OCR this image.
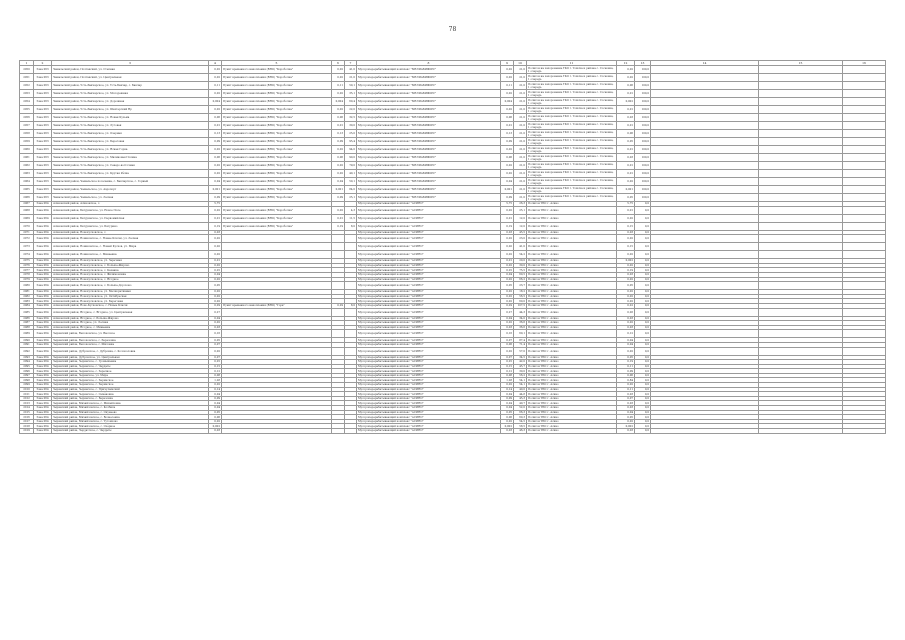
78
1	2	3	4	5	6	7	8	9	10	11	12	13	14	15	16
2050	Зона 063	Чамальский район, Полтавский, ул. Степная	0,02	Пункт временного накопления (ВНО) "Коробочка"	0,02	41,0	Мусороперерабатывающий комплекс "МЕЛИАБИФОРС"	0,02	21,0	Полигон на захоронение ТКО г. Томска и района с. Сосновка, 1 очередь	0,02	100,0			
2051	Зона 063	Чамальский район, Полтавский, ул. Центральная	0,02	Пункт временного накопления (ВНО) "Коробочка"	0,02	21,0	Мусороперерабатывающий комплекс "МЕЛИАБИФОРС"	0,02	21,0	Полигон на захоронение ТКО г. Томска и района с. Сосновка, 1 очередь	0,02	100,0			
2052	Зона 063	Чамальский район, Усть-Бакчарское, ул. Усть-Бакчар, с. Бакчар	0,11	Пункт временного накопления (ВНО) "Коробочка"	0,11	50,1	Мусороперерабатывающий комплекс "МЕЛИАБИФОРС"	0,11	21,0	Полигон на захоронение ТКО г. Томска и района с. Сосновка, 1 очередь	0,06	100,0			
2053	Зона 063	Чамальский район, Усть-Бакчарское, ул. Молодежная	0,02	Пункт временного накопления (ВНО) "Коробочка"	0,02	35,1	Мусороперерабатывающий комплекс "МЕЛИАБИФОРС"	0,02	21,0	Полигон на захоронение ТКО г. Томска и района с. Сосновка, 1 очередь	0,01	100,0			
2054	Зона 063	Чамальский район, Усть-Бакчарское, ул. Дорожная	0,004	Пункт временного накопления (ВНО) "Коробочка"	0,004	60,4	Мусороперерабатывающий комплекс "МЕЛИАБИФОРС"	0,004	21,0	Полигон на захоронение ТКО г. Томска и района с. Сосновка, 1 очередь	0,002	100,0			
2055	Зона 063	Чамальский район, Усть-Бакчарское, ул. Шахтерский Яр	0,02	Пункт временного накопления (ВНО) "Коробочка"	0,02	22,0	Мусороперерабатывающий комплекс "МЕЛИАБИФОРС"	0,02	21,0	Полигон на захоронение ТКО г. Томска и района с. Сосновка, 1 очередь	0,01	100,0			
2056	Зона 063	Чамальский район, Усть-Бакчарское, ул. Новая Кузьма	0,06	Пункт временного накопления (ВНО) "Коробочка"	0,06	32,5	Мусороперерабатывающий комплекс "МЕЛИАБИФОРС"	0,06	21,0	Полигон на захоронение ТКО г. Томска и района с. Сосновка, 1 очередь	0,03	100,0			
2057	Зона 063	Чамальский район, Усть-Бакчарское, ул. Луговая	0,01	Пункт временного накопления (ВНО) "Коробочка"	0,01	30,0	Мусороперерабатывающий комплекс "МЕЛИАБИФОРС"	0,01	21,0	Полигон на захоронение ТКО г. Томска и района с. Сосновка, 1 очередь	0,01	100,0			
2058	Зона 063	Чамальский район, Усть-Бакчарское, ул. Озерная	0,13	Пункт временного накопления (ВНО) "Коробочка"	0,13	25,0	Мусороперерабатывающий комплекс "МЕЛИАБИФОРС"	0,13	21,0	Полигон на захоронение ТКО г. Томска и района с. Сосновка, 1 очередь	0,06	100,0			
2059	Зона 063	Чамальский район, Усть-Бакчарское, ул. Береговая	0,09	Пункт временного накопления (ВНО) "Коробочка"	0,09	95,4	Мусороперерабатывающий комплекс "МЕЛИАБИФОРС"	0,09	21,0	Полигон на захоронение ТКО г. Томска и района с. Сосновка, 1 очередь	0,05	100,0			
2060	Зона 063	Чамальский район, Усть-Бакчарское, ул. Ясная Горка	0,02	Пункт временного накопления (ВНО) "Коробочка"	0,02	94,0	Мусороперерабатывающий комплекс "МЕЛИАБИФОРС"	0,02	21,0	Полигон на захоронение ТКО г. Томска и района с. Сосновка, 1 очередь	0,01	100,0			
2061	Зона 063	Чамальский район, Усть-Бакчарское, ул. Малиновая Поляна	0,06	Пункт временного накопления (ВНО) "Коробочка"	0,06	90,0	Мусороперерабатывающий комплекс "МЕЛИАБИФОРС"	0,06	21,0	Полигон на захоронение ТКО г. Томска и района с. Сосновка, 1 очередь	0,03	100,0			
2062	Зона 063	Чамальский район, Усть-Бакчарское, ул. Северо-восточная	0,02	Пункт временного накопления (ВНО) "Коробочка"	0,02	79,0	Мусороперерабатывающий комплекс "МЕЛИАБИФОРС"	0,02	21,0	Полигон на захоронение ТКО г. Томска и района с. Сосновка, 1 очередь	0,01	100,0			
2063	Зона 063	Чамальский район, Усть-Бакчарское, ул. Крутая Рёлка	0,02	Пункт временного накопления (ВНО) "Коробочка"	0,02	40,1	Мусороперерабатывающий комплекс "МЕЛИАБИФОРС"	0,02	21,0	Полигон на захоронение ТКО г. Томска и района с. Сосновка, 1 очередь	0,01	100,0			
2064	Зона 063	Чамальский район, Чамальское поселение, с. Бакчарское, с. Горный	0,04	Пункт временного накопления (ВНО) "Коробочка"	0,04	50,1	Мусороперерабатывающий комплекс "МЕЛИАБИФОРС"	0,04	21,0	Полигон на захоронение ТКО г. Томска и района с. Сосновка, 1 очередь	0,02	100,0			
2065	Зона 063	Чамальский район, Чамальское, ул. Аэропорт	0,001	Пункт временного накопления (ВНО) "Коробочка"	0,001	84,0	Мусороперерабатывающий комплекс "МЕЛИАБИФОРС"	0,001	21,0	Полигон на захоронение ТКО г. Томска и района с. Сосновка, 1 очередь	0,001	100,0			
2066	Зона 063	Чамальский район, Чамальское, ул. Лесная	0,09	Пункт временного накопления (ВНО) "Коробочка"	0,09	25,1	Мусороперерабатывающий комплекс "МЕЛИАБИФОРС"	0,09	21,0	Полигон на захоронение ТКО г. Томска и района с. Сосновка, 1 очередь	0,05	100,0			
2067	Зона 064	Асиновский район, Асиновское, с.	5,75				Мусороперерабатывающий комплекс "АСИНО"	5,75	26,3	Полигон ТБО г. Асино	5,75	0,0			
2068	Зона 064	Асиновский район, Батуринское, ул. Новое Поле	0,02	Пункт временного накопления (ВНО) "Коробочка"	0,02	4,3	Мусороперерабатывающий комплекс "АСИНО"	0,02	25,1	Полигон ТБО г. Асино	0,01	0,0			
2069	Зона 064	Асиновский район, Батуринское, ул. Первомайская	0,01	Пункт временного накопления (ВНО) "Коробочка"	0,01	11,5	Мусороперерабатывающий комплекс "АСИНО"	0,01	12,0	Полигон ТБО г. Асино	0,02	0,0			
2070	Зона 064	Асиновский район, Батуринское, ул. Батурино	0,19	Пункт временного накопления (ВНО) "Коробочка"	0,19	8,0	Мусороперерабатывающий комплекс "АСИНО"	0,19	12,0	Полигон ТБО г. Асино	0,15	0,0			
2071	Зона 064	Асиновский район, Новокусковское, с.	0,03				Мусороперерабатывающий комплекс "АСИНО"	0,03	45,5	Полигон ТБО г. Асино	0,03	0,0			
2072	Зона 064	Асиновский район, Новиковское, с. Новые Ключи, ул. Лесная	0,02				Мусороперерабатывающий комплекс "АСИНО"	0,02	23,0	Полигон ТБО г. Асино	0,02	0,0			
2073	Зона 064	Асиновский район, Новиковское, с. Новый Кусков, ул. Мира	0,20				Мусороперерабатывающий комплекс "АСИНО"	0,20	41,0	Полигон ТБО г. Асино	0,15	0,0			
2074	Зона 064	Асиновский район, Новиковское, с. Минаевка	0,02				Мусороперерабатывающий комплекс "АСИНО"	0,02	54,2	Полигон ТБО г. Асино	0,02	0,0			
2075	Зона 064	Асиновский район, Новокусковское, ул. Заречная	0,01				Мусороперерабатывающий комплекс "АСИНО"	0,01	20,0	Полигон ТБО г. Асино	0,002	0,0			
2076	Зона 064	Асиновский район, Новокусковское, с. Больше-Жирово	0,02				Мусороперерабатывающий комплекс "АСИНО"	0,02	30,0	Полигон ТБО г. Асино	0,02	0,0			
2077	Зона 064	Асиновский район, Новокусковское, с. Казанка	0,25				Мусороперерабатывающий комплекс "АСИНО"	0,25	75,5	Полигон ТБО г. Асино	0,19	0,0			
2078	Зона 064	Асиновский район, Новокусковское, с. Филимоновка	0,04				Мусороперерабатывающий комплекс "АСИНО"	0,04	60,5	Полигон ТБО г. Асино	0,03	0,0			
2079	Зона 064	Асиновский район, Новокусковское, с. Ягодное	0,02				Мусороперерабатывающий комплекс "АСИНО"	0,02	66,2	Полигон ТБО г. Асино	0,02	0,0			
2080	Зона 064	Асиновский район, Новокусковское, с. Больше-Дорохово	0,05				Мусороперерабатывающий комплекс "АСИНО"	0,05	23,7	Полигон ТБО г. Асино	0,05	0,0			
2081	Зона 064	Асиновский район, Новокусковское, ул. Мелиоративная	0,02				Мусороперерабатывающий комплекс "АСИНО"	0,02	18,2	Полигон ТБО г. Асино	0,02	0,0			
2082	Зона 064	Асиновский район, Новокусковское, ул. Октябрьская	0,02				Мусороперерабатывающий комплекс "АСИНО"	0,02	56,5	Полигон ТБО г. Асино	0,02	0,0			
2083	Зона 064	Асиновский район, Новокусковское, ул. Береговая	0,02				Мусороперерабатывающий комплекс "АСИНО"	0,02	60,0	Полигон ТБО г. Асино	0,02	0,0			
2084	Зона 064	Асиновский район, Ново-Кусковское, с. Новые Ключи	0,29	Пункт временного накопления (ВНО) "Гора"	0,29	8,0	Мусороперерабатывающий комплекс "АСИНО"	0,29	107,5	Полигон ТБО г. Асино	0,22	0,0			
2085	Зона 064	Асиновский район, Ягодное, с. Ягодное, ул. Центральная	0,27				Мусороперерабатывающий комплекс "АСИНО"	0,27	44,3	Полигон ТБО г. Асино	0,26	0,0			
2086	Зона 064	Асиновский район, Ягодное, с. Больше-Жирово	0,04				Мусороперерабатывающий комплекс "АСИНО"	0,04	34,0	Полигон ТБО г. Асино	0,03	0,0			
2087	Зона 064	Асиновский район, Ягодное, ул. Лесная	0,02				Мусороперерабатывающий комплекс "АСИНО"	0,02	36,6	Полигон ТБО г. Асино	0,02	0,0			
2088	Зона 064	Асиновский район, Ягодное, с. Минаевка	0,03				Мусороперерабатывающий комплекс "АСИНО"	0,03	36,6	Полигон ТБО г. Асино	0,03	0,0			
2089	Зона 064	Зырянский район, Высоковское, ул. Высокое	0,16				Мусороперерабатывающий комплекс "АСИНО"	0,16	60,1	Полигон ТБО г. Асино	0,12	0,0			
2090	Зона 064	Зырянский район, Высоковское, с. Березовка	0,05				Мусороперерабатывающий комплекс "АСИНО"	0,07	87,4	Полигон ТБО г. Асино	0,04	0,0			
2091	Зона 064	Зырянский район, Высоковское, с. Шиловка	0,07				Мусороперерабатывающий комплекс "АСИНО"	0,06	71,4	Полигон ТБО г. Асино	0,04	0,0			
2092	Зона 064	Зырянский район, Дубровское, с. Дубровка, с. Колоколовка	0,02				Мусороперерабатывающий комплекс "АСИНО"	0,02	57,0	Полигон ТБО г. Асино	0,02	0,0			
2093	Зона 064	Зырянский район, Дубровское, ул. Центральная	0,07				Мусороперерабатывающий комплекс "АСИНО"	0,07	34,5	Полигон ТБО г. Асино	0,05	0,0			
2094	Зона 064	Зырянский район, Зырянское, с. Громышевка	0,25				Мусороперерабатывающий комплекс "АСИНО"	0,25	42,0	Полигон ТБО г. Асино	0,19	0,0			
2095	Зона 064	Зырянский район, Зырянское, с. Чердаты	0,15				Мусороперерабатывающий комплекс "АСИНО"	0,15	45,7	Полигон ТБО г. Асино	0,11	0,0			
2096	Зона 064	Зырянский район, Зырянское, с. Заречное	0,12				Мусороперерабатывающий комплекс "АСИНО"	0,12	30,0	Полигон ТБО г. Асино	0,09	0,0			
2097	Зона 064	Зырянский район, Зырянское, ул. Мира	0,08				Мусороперерабатывающий комплекс "АСИНО"	0,08	56,2	Полигон ТБО г. Асино	0,06	0,0			
2098	Зона 064	Зырянский район, Зырянское, с. Зырянское	1,28				Мусороперерабатывающий комплекс "АСИНО"	1,28	54,1	Полигон ТБО г. Асино	0,84	0,0			
2099	Зона 064	Зырянский район, Зырянское, с. Зырянское	0,02				Мусороперерабатывающий комплекс "АСИНО"	0,02	54,1	Полигон ТБО г. Асино	0,02	0,0			
2100	Зона 064	Зырянский район, Зырянское, с. Причулымский	0,14				Мусороперерабатывающий комплекс "АСИНО"	0,14	40,0	Полигон ТБО г. Асино	0,11	0,0			
2101	Зона 064	Зырянский район, Зырянское, с. Семёновка	0,04				Мусороперерабатывающий комплекс "АСИНО"	0,04	44,8	Полигон ТБО г. Асино	0,03	0,0			
2102	Зона 064	Зырянский район, Зырянское, с. Берёзовка	0,09				Мусороперерабатывающий комплекс "АСИНО"	0,09	45,3	Полигон ТБО г. Асино	0,07	0,0			
2103	Зона 064	Зырянский район, Михайловское, с. Михайловка	0,04				Мусороперерабатывающий комплекс "АСИНО"	0,04	40,7	Полигон ТБО г. Асино	0,03	0,0			
2104	Зона 064	Зырянский район, Михайловское, с. Колбиха	0,04				Мусороперерабатывающий комплекс "АСИНО"	0,04	52,0	Полигон ТБО г. Асино	0,03	0,0			
2105	Зона 064	Зырянский район, Михайловское, с. Окунеево	0,05				Мусороперерабатывающий комплекс "АСИНО"	0,05	66,3	Полигон ТБО г. Асино	0,04	0,0			
2106	Зона 064	Зырянский район, Михайловское, с. Вознесенка	0,06				Мусороперерабатывающий комплекс "АСИНО"	0,06	60,3	Полигон ТБО г. Асино	0,05	0,0			
2107	Зона 064	Зырянский район, Михайловское, с. Тугояково	0,02				Мусороперерабатывающий комплекс "АСИНО"	0,02	54,5	Полигон ТБО г. Асино	0,02	0,0			
2108	Зона 064	Зырянский район, Михайловское, с. Озёрное	0,002				Мусороперерабатывающий комплекс "АСИНО"	0,002	58,5	Полигон ТБО г. Асино	0,002	0,0			
2109	Зона 064	Зырянский район, Чердатское, с. Чердаты	0,03				Мусороперерабатывающий комплекс "АСИНО"	0,03	46,3	Полигон ТБО г. Асино	0,03	0,0			
